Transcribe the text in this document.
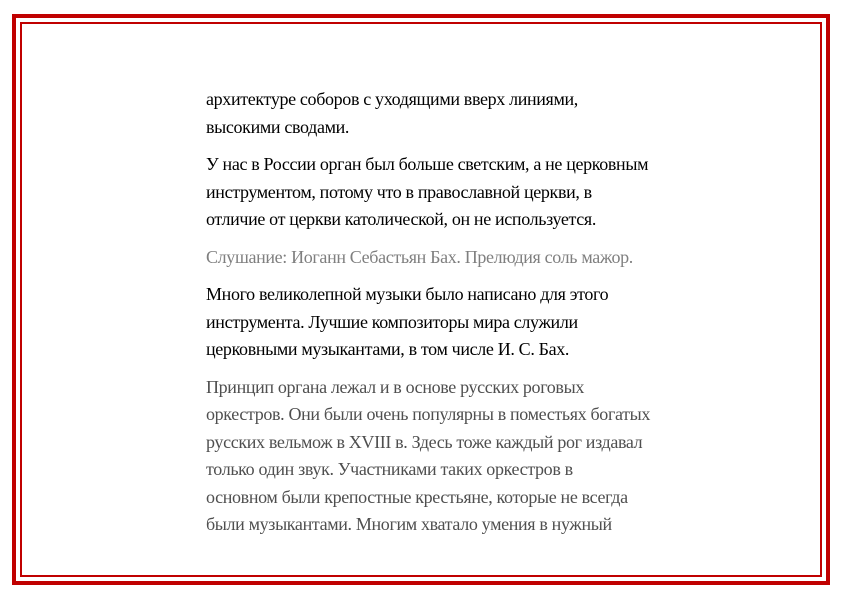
архитектуре соборов с уходящими вверх линиями,
высокими сводами.

У нас в России орган был больше светским, а не церковным
инструментом, потому что в православной церкви, в
отличие от церкви католической, он не используется.

Слушание: Иоганн Себастьян Бах. Прелюдия соль мажор.

Много великолепной музыки было написано для этого
инструмента. Лучшие композиторы мира служили
церковными музыкантами, в том числе И. С. Бах.

Принцип органа лежал и в основе русских роговых
оркестров. Они были очень популярны в поместьях богатых
русских вельмож в XVIII в. Здесь тоже каждый рог издавал
только один звук. Участниками таких оркестров в
основном были крепостные крестьяне, которые не всегда
были музыкантами. Многим хватало умения в нужный
